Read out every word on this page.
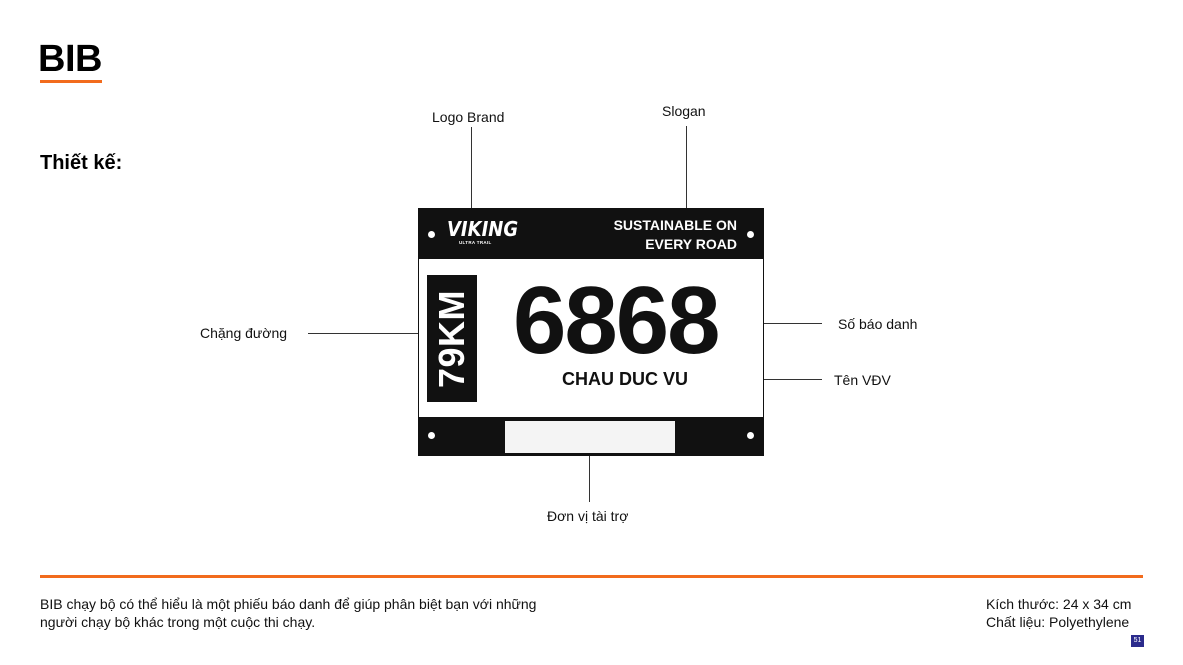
BIB
Thiết kế:
Logo Brand	Slogan
Chặng đường
Số báo danh
Tên VĐV
Đơn vị tài trợ
VIKING
ULTRA TRAIL
SUSTAINABLE ON
EVERY ROAD
79KM 6868
CHAU DUC VU
BIB chạy bộ có thể hiểu là một phiếu báo danh để giúp phân biệt bạn với những
người chạy bộ khác trong một cuộc thi chạy.
Kích thước: 24 x 34 cm
Chất liệu: Polyethylene
51
